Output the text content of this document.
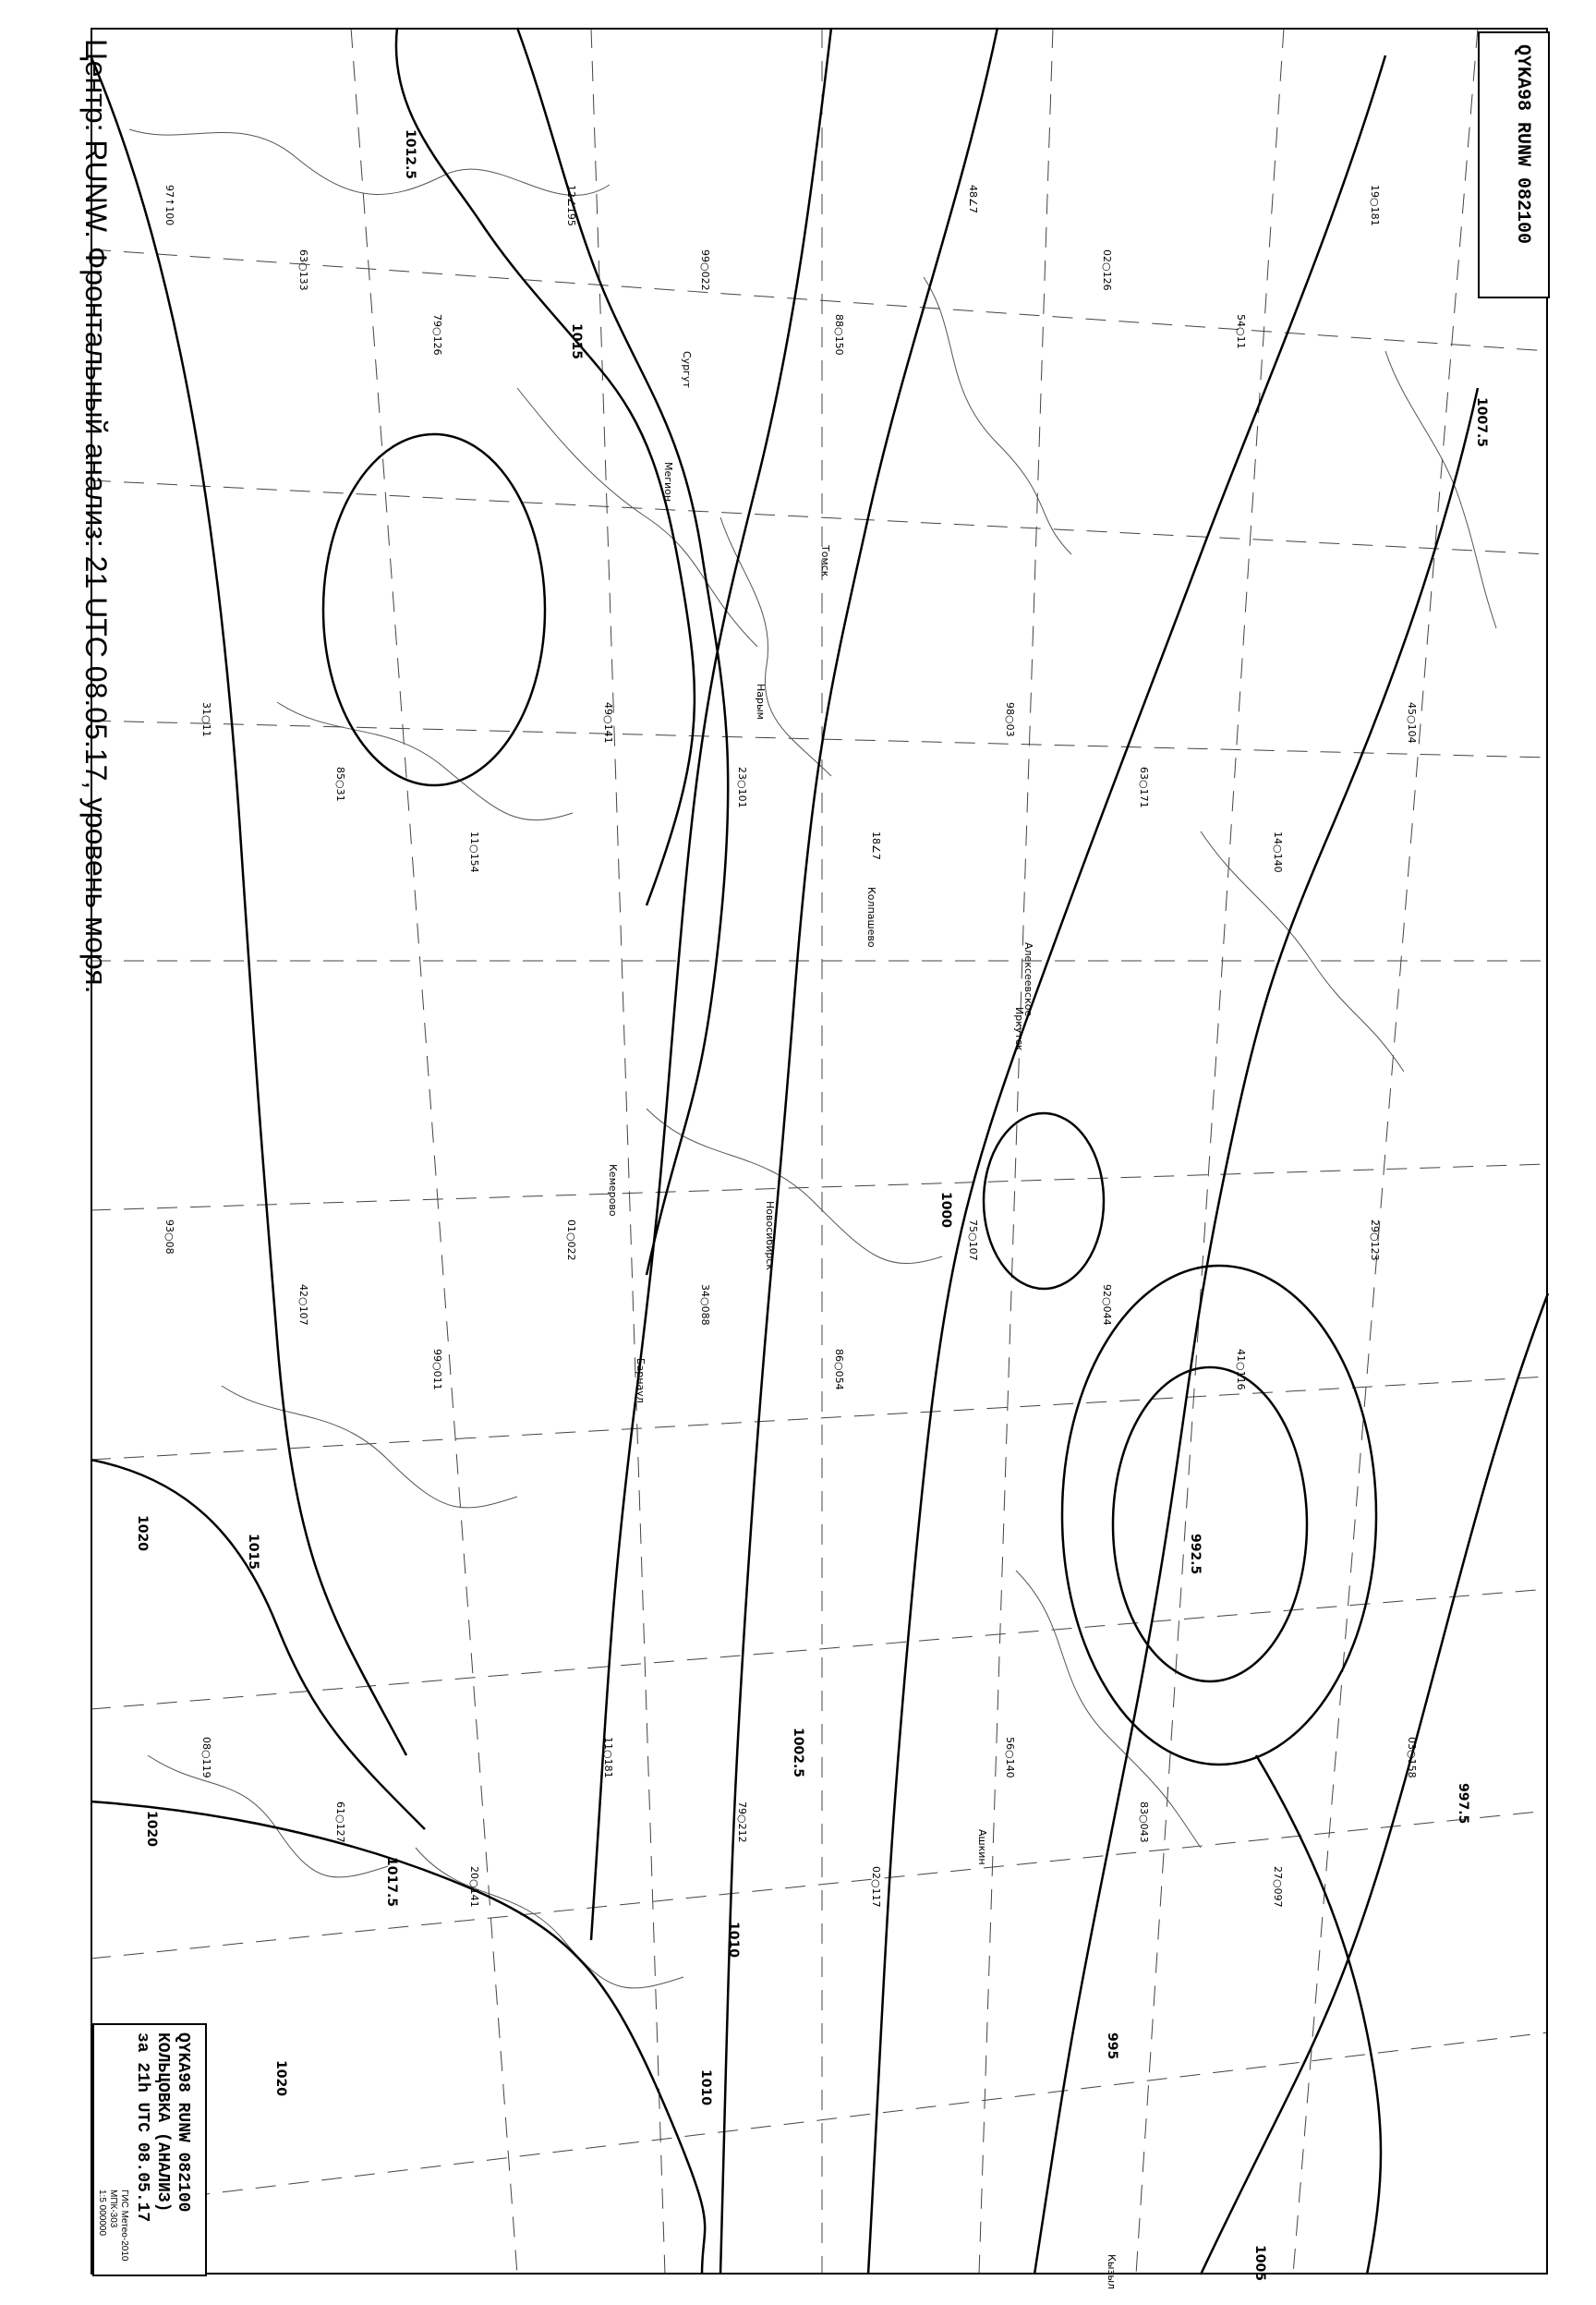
1012.5
1015
1020
1010
1007.5
1000
1002.5
997.5
995
992.5
1005
1017.5
1020
1015
1010
1020
97↑100
63○133
79○126
12∠195
99○022
88○150
48∠7
02○126
54○11
19○181
31○11
85○31
11○154
49○141
23○101
18∠7
98○03
63○171
14○140
45○104
93○08
42○107
99○011
01○022
34○088
86○054
75○107
92○044
41○116
29○123
08○119
61○127
20○141
11○181
79○212
02○117
56○140
83○043
27○097
03○158
Сургут
Кемерово
Новосибирск
Томск
Барнаул
Иркутск
Алексеевское
Ашкин
Кызыл
Колпашево
Мегион
Нарым
Центр: RUNW. Фронтальный анализ: 21 UTC 08.05.17, уровень моря.	QYKA98 RUNW 082100
QYKA98 RUNW 082100
КОЛЬЦОВКА (АНАЛИЗ)
за 21h UTC 08.05.17
ГИС Метео-2010
МПК-303
1:5 000000
